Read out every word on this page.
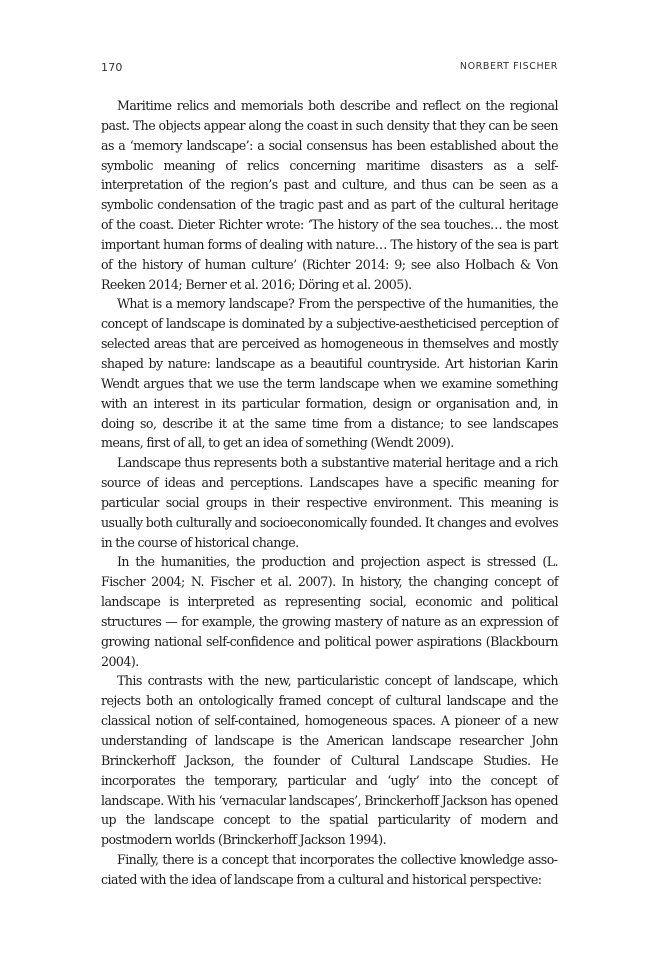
170	NORBERT FISCHER

Maritime relics and memorials both describe and reflect on the regional past. The objects appear along the coast in such density that they can be seen as a ‘memory landscape’: a social consensus has been established about the symbolic meaning of relics concerning maritime disasters as a self-interpretation of the region’s past and culture, and thus can be seen as a symbolic condensation of the tragic past and as part of the cultural heritage of the coast. Dieter Richter wrote: ‘The history of the sea touches… the most important human forms of dealing with nature… The history of the sea is part of the history of human culture’ (Richter 2014: 9; see also Holbach & Von Reeken 2014; Berner et al. 2016; Döring et al. 2005).

What is a memory landscape? From the perspective of the humanities, the concept of landscape is dominated by a subjective-aestheticised perception of selected areas that are perceived as homogeneous in themselves and mostly shaped by nature: landscape as a beautiful countryside. Art historian Karin Wendt argues that we use the term landscape when we examine something with an interest in its particular formation, design or organisation and, in doing so, describe it at the same time from a distance; to see landscapes means, first of all, to get an idea of something (Wendt 2009).

Landscape thus represents both a substantive material heritage and a rich source of ideas and perceptions. Landscapes have a specific meaning for particular social groups in their respective environment. This meaning is usually both culturally and socioeconomically founded. It changes and evolves in the course of historical change.

In the humanities, the production and projection aspect is stressed (L. Fischer 2004; N. Fischer et al. 2007). In history, the changing concept of landscape is interpreted as representing social, economic and political structures — for example, the growing mastery of nature as an expression of growing national self-confidence and political power aspirations (Blackbourn 2004).

This contrasts with the new, particularistic concept of landscape, which rejects both an ontologically framed concept of cultural landscape and the classical notion of self-contained, homogeneous spaces. A pioneer of a new understanding of landscape is the American landscape researcher John Brinckerhoff Jackson, the founder of Cultural Landscape Studies. He incorporates the temporary, particular and ‘ugly’ into the concept of landscape. With his ‘vernacular landscapes’, Brinckerhoff Jackson has opened up the landscape concept to the spatial particularity of modern and postmodern worlds (Brinckerhoff Jackson 1994).

Finally, there is a concept that incorporates the collective knowledge associated with the idea of landscape from a cultural and historical perspective:
